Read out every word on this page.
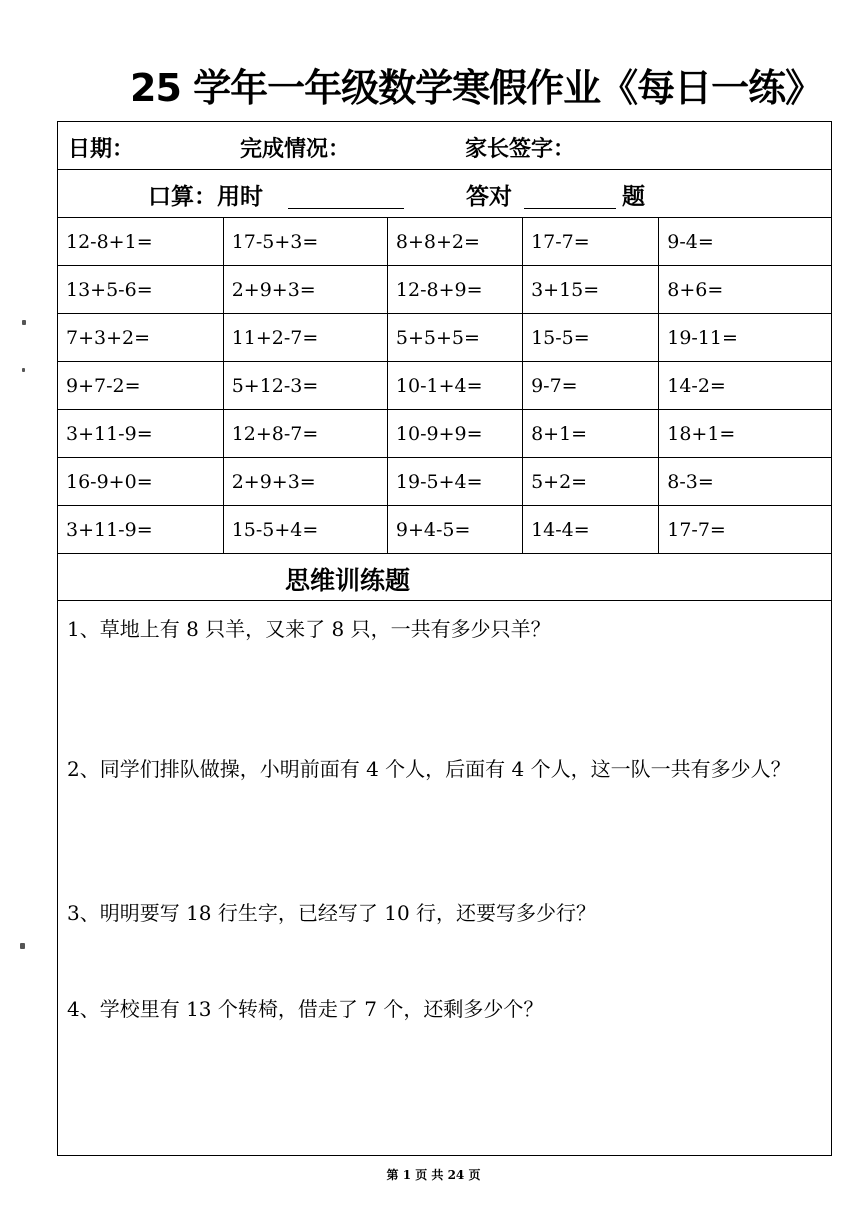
25 学年一年级数学寒假作业《每日一练》
日期：	完成情况：	家长签字：
口算：用时	答对	题
12-8+1=	17-5+3=	8+8+2=	17-7=	9-4=
13+5-6=	2+9+3=	12-8+9=	3+15=	8+6=
7+3+2=	11+2-7=	5+5+5=	15-5=	19-11=
9+7-2=	5+12-3=	10-1+4=	9-7=	14-2=
3+11-9=	12+8-7=	10-9+9=	8+1=	18+1=
16-9+0=	2+9+3=	19-5+4=	5+2=	8-3=
3+11-9=	15-5+4=	9+4-5=	14-4=	17-7=
思维训练题
1、草地上有 8 只羊，又来了 8 只，一共有多少只羊？
2、同学们排队做操，小明前面有 4 个人，后面有 4 个人，这一队一共有多少人？
3、明明要写 18 行生字，已经写了 10 行，还要写多少行？
4、学校里有 13 个转椅，借走了 7 个，还剩多少个？
第 1 页 共 24 页
